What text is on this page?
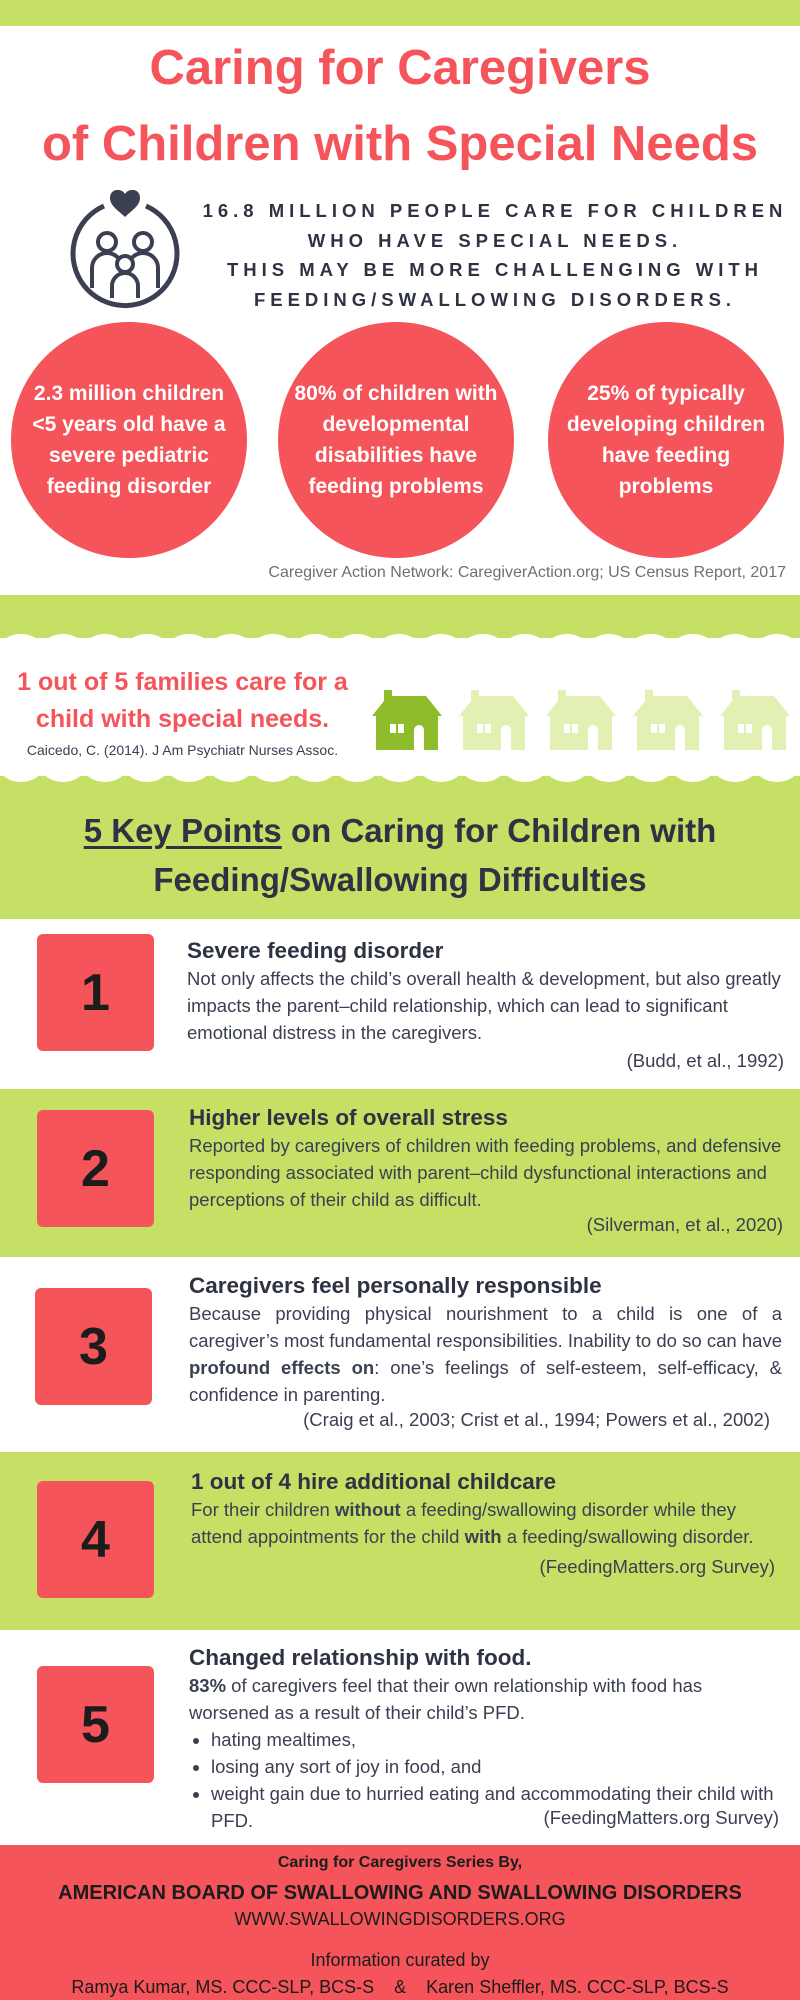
Caring for Caregivers
of Children with Special Needs
16.8 MILLION PEOPLE CARE FOR CHILDREN
WHO HAVE SPECIAL NEEDS.
THIS MAY BE MORE CHALLENGING WITH
FEEDING/SWALLOWING DISORDERS.
2.3 million children <5 years old have a severe pediatric feeding disorder
80% of children with developmental disabilities have feeding problems
25% of typically developing children have feeding problems
Caregiver Action Network: CaregiverAction.org; US Census Report, 2017
1 out of 5 families care for a
child with special needs.
Caicedo, C. (2014). J Am Psychiatr Nurses Assoc.
5 Key Points on Caring for Children with
Feeding/Swallowing Difficulties
1
Severe feeding disorder
Not only affects the child’s overall health & development, but also greatly impacts the parent–child relationship, which can lead to significant emotional distress in the caregivers.
(Budd, et al., 1992)
2
Higher levels of overall stress
Reported by caregivers of children with feeding problems, and defensive responding associated with parent–child dysfunctional interactions and perceptions of their child as difficult.
(Silverman, et al., 2020)
3
Caregivers feel personally responsible
Because providing physical nourishment to a child is one of a caregiver’s most fundamental responsibilities. Inability to do so can have profound effects on: one’s feelings of self-esteem, self-efficacy, & confidence in parenting.
(Craig et al., 2003; Crist et al., 1994; Powers et al., 2002)
4
1 out of 4 hire additional childcare
For their children without a feeding/swallowing disorder while they attend appointments for the child with a feeding/swallowing disorder.
(FeedingMatters.org Survey)
5
Changed relationship with food.
83% of caregivers feel that their own relationship with food has worsened as a result of their child’s PFD.
• hating mealtimes,
• losing any sort of joy in food, and
• weight gain due to hurried eating and accommodating their child with PFD.	(FeedingMatters.org Survey)
Caring for Caregivers Series By,
AMERICAN BOARD OF SWALLOWING AND SWALLOWING DISORDERS
WWW.SWALLOWINGDISORDERS.ORG
Information curated by
Ramya Kumar, MS. CCC-SLP, BCS-S & Karen Sheffler, MS. CCC-SLP, BCS-S
